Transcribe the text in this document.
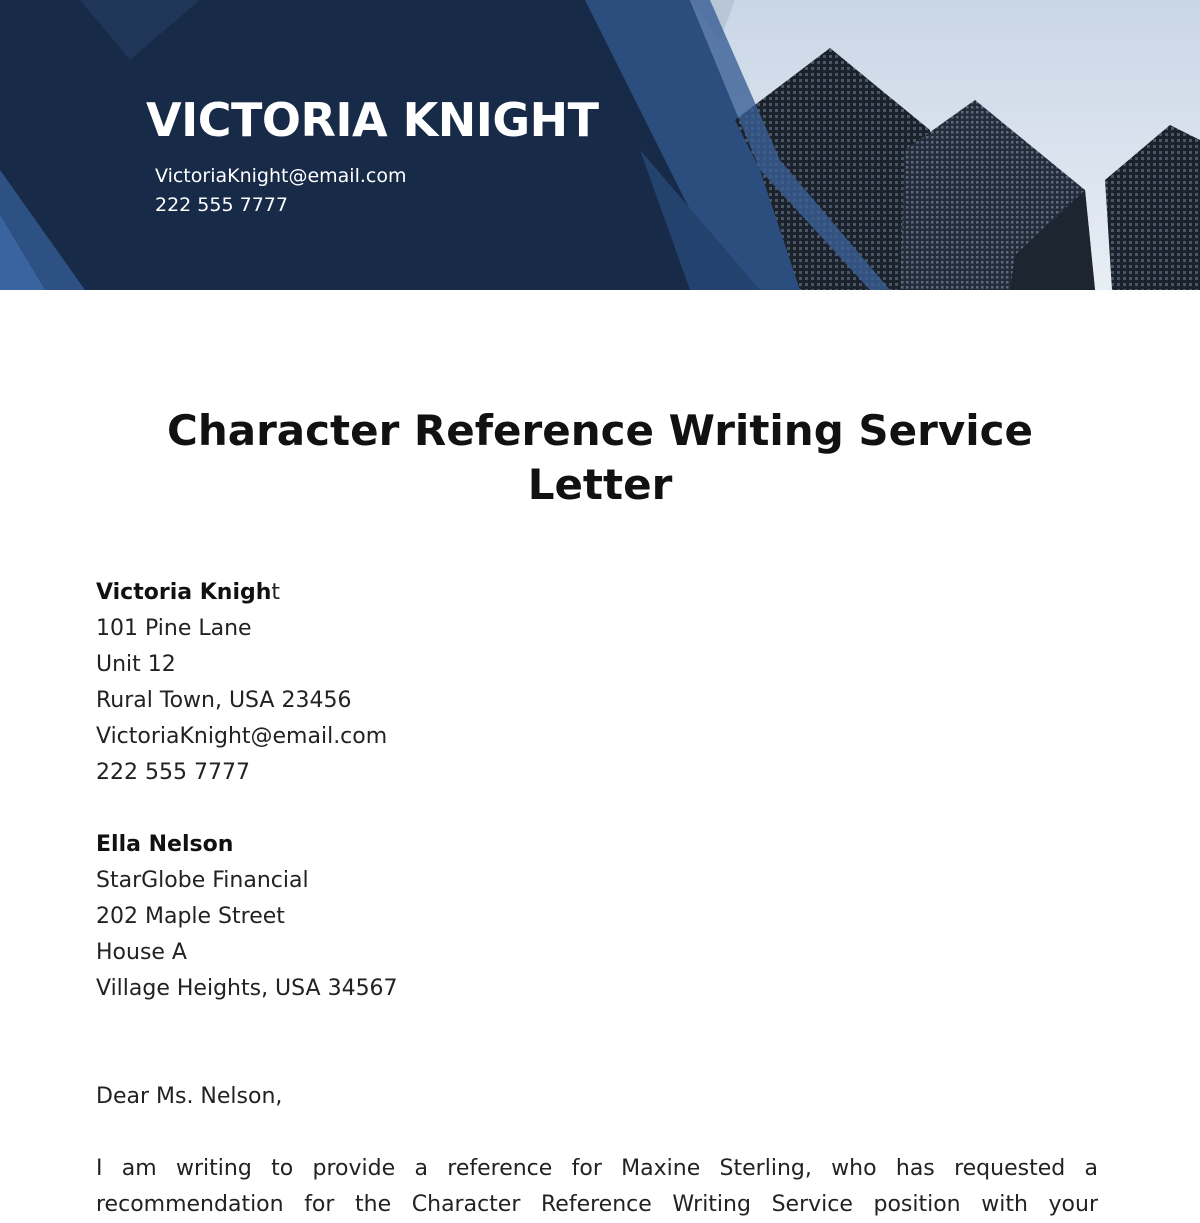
VICTORIA KNIGHT
VictoriaKnight@email.com
222 555 7777
Character Reference Writing Service Letter
Victoria Knight
101 Pine Lane
Unit 12
Rural Town, USA 23456
VictoriaKnight@email.com
222 555 7777
Ella Nelson
StarGlobe Financial
202 Maple Street
House A
Village Heights, USA 34567
Dear Ms. Nelson,

I am writing to provide a reference for Maxine Sterling, who has requested a recommendation for the Character Reference Writing Service position with your
